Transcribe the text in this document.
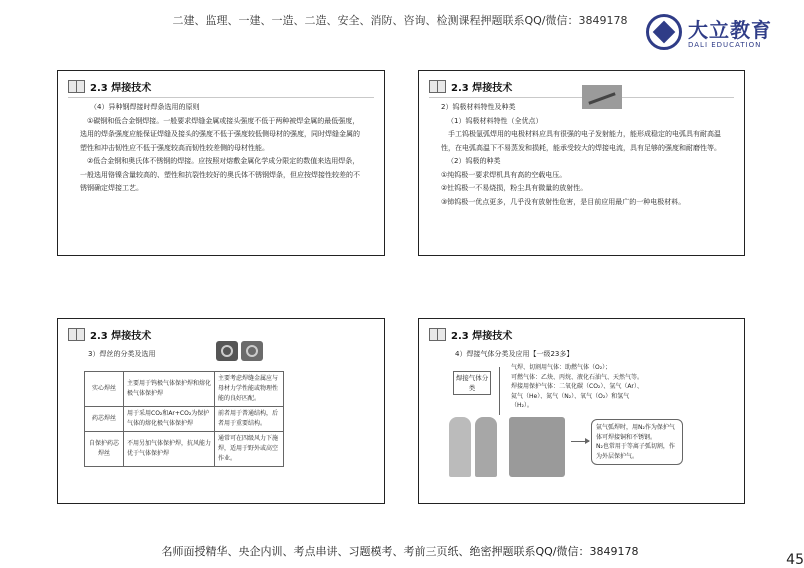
二建、监理、一建、一造、二造、安全、消防、咨询、检测课程押题联系QQ/微信：3849178	大立教育
DALI EDUCATION
2.3 焊接技术
（4）异种钢焊接时焊条选用的原则
①碳钢和低合金钢焊接。一般要求焊缝金属或接头强度不低于两种被焊金属的最低强度，选用的焊条强度应能保证焊缝及接头的强度不低于强度较低侧母材的强度，同时焊缝金属的塑性和冲击韧性应不低于强度较高而韧性较差侧的母材性能。
②低合金钢和奥氏体不锈钢的焊接。应按照对熔敷金属化学成分限定的数值来选用焊条，一般选用铬镍含量较高的、塑性和抗裂性较好的奥氏体不锈钢焊条，但应按焊接性较差的不锈钢确定焊接工艺。
2.3 焊接技术
2）钨极材料特性及种类
（1）钨极材料特性（全优点）
手工钨极氩弧焊用的电极材料应具有很强的电子发射能力，能形成稳定的电弧具有耐高温性，在电弧高温下不易蒸发和损耗，能承受较大的焊接电流，具有足够的强度和耐磨性等。
（2）钨极的种类
①纯钨极一要求焊机具有高的空载电压。
②钍钨极一不易烧损，粉尘具有微量的放射性。
③铈钨极一优点更多，几乎没有放射性危害，是目前应用最广的一种电极材料。
2.3 焊接技术
3）焊丝的分类及选用
实心焊丝	主要用于钨极气体保护焊和熔化极气体保护焊	主要考虑焊缝金属应与母材力学性能或物理性能的良好匹配。
药芯焊丝	用于采用CO₂和Ar+CO₂为保护气体的熔化极气体保护焊	前者用于普通结构，后者用于重要结构。
自保护药芯焊丝	不用另加气体保护焊，抗风能力优于气体保护焊	通常可在四级风力下施焊，适用于野外或高空作业。
2.3 焊接技术
4）焊接气体分类及应用【一级23多】
焊接气体分类
气焊、切割用气体：助燃气体（O₂）；
可燃气体：乙炔、丙烷、液化石油气、天然气等。
焊接用保护气体：二氧化碳（CO₂）、氩气（Ar）、
氦气（He）、氮气（N₂）、氧气（O₂）和氢气
（H₂）。
氩气弧焊时，用N₂作为保护气体可焊接铜和不锈钢。
N₂也常用于等离子弧切割，作为外层保护气。
名师面授精华、央企内训、考点串讲、习题模考、考前三页纸、绝密押题联系QQ/微信：3849178
45
